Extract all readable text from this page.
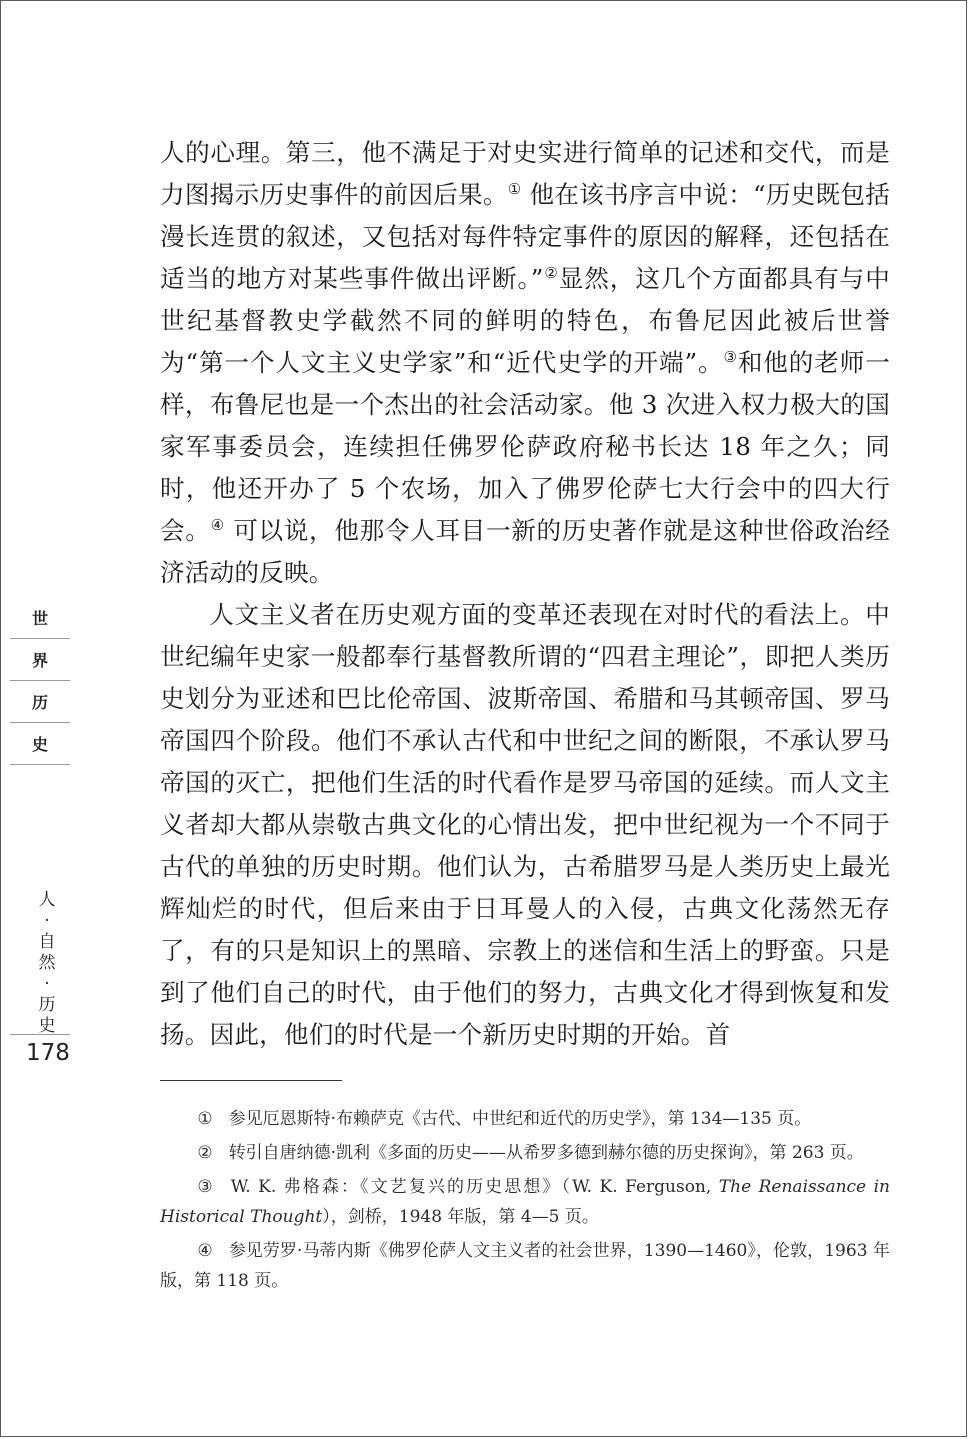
人的心理。第三，他不满足于对史实进行简单的记述和交代，而是力图揭示历史事件的前因后果。① 他在该书序言中说：“历史既包括漫长连贯的叙述，又包括对每件特定事件的原因的解释，还包括在适当的地方对某些事件做出评断。”②显然，这几个方面都具有与中世纪基督教史学截然不同的鲜明的特色，布鲁尼因此被后世誉为“第一个人文主义史学家”和“近代史学的开端”。③和他的老师一样，布鲁尼也是一个杰出的社会活动家。他 3 次进入权力极大的国家军事委员会，连续担任佛罗伦萨政府秘书长达 18 年之久；同时，他还开办了 5 个农场，加入了佛罗伦萨七大行会中的四大行会。④ 可以说，他那令人耳目一新的历史著作就是这种世俗政治经济活动的反映。

人文主义者在历史观方面的变革还表现在对时代的看法上。中世纪编年史家一般都奉行基督教所谓的“四君主理论”，即把人类历史划分为亚述和巴比伦帝国、波斯帝国、希腊和马其顿帝国、罗马帝国四个阶段。他们不承认古代和中世纪之间的断限，不承认罗马帝国的灭亡，把他们生活的时代看作是罗马帝国的延续。而人文主义者却大都从崇敬古典文化的心情出发，把中世纪视为一个不同于古代的单独的历史时期。他们认为，古希腊罗马是人类历史上最光辉灿烂的时代，但后来由于日耳曼人的入侵，古典文化荡然无存了，有的只是知识上的黑暗、宗教上的迷信和生活上的野蛮。只是到了他们自己的时代，由于他们的努力，古典文化才得到恢复和发扬。因此，他们的时代是一个新历史时期的开始。首

世
界
历
史
人
·
自
然
·
历
史
178

① 参见厄恩斯特·布赖萨克《古代、中世纪和近代的历史学》，第 134—135 页。

② 转引自唐纳德·凯利《多面的历史——从希罗多德到赫尔德的历史探询》，第 263 页。

③ W. K. 弗格森：《文艺复兴的历史思想》（W. K. Ferguson, The Renaissance in Historical Thought），剑桥，1948 年版，第 4—5 页。

④ 参见劳罗·马蒂内斯《佛罗伦萨人文主义者的社会世界，1390—1460》，伦敦，1963 年版，第 118 页。
